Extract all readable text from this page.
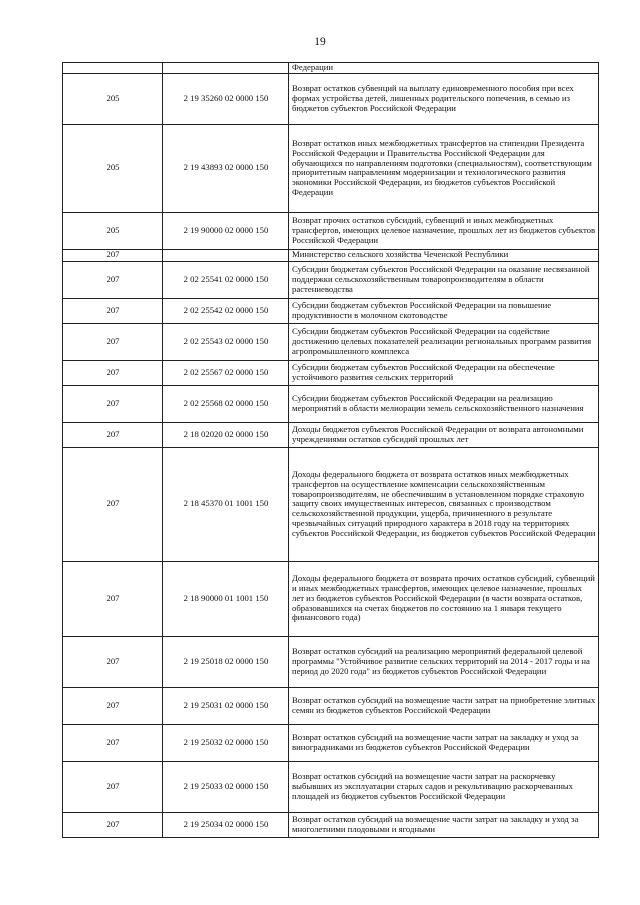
19
		Федерации
205	2 19 35260 02 0000 150	Возврат остатков субвенций на выплату единовременного пособия при всех формах устройства детей, лишенных родительского попечения, в семью из бюджетов субъектов Российской Федерации
205	2 19 43893 02 0000 150	Возврат остатков иных межбюджетных трансфертов на стипендии Президента Российской Федерации и Правительства Российской Федерации для обучающихся по направлениям подготовки (специальностям), соответствующим приоритетным направлениям модернизации и технологического развития экономики Российской Федерации, из бюджетов субъектов Российской Федерации
205	2 19 90000 02 0000 150	Возврат прочих остатков субсидий, субвенций и иных межбюджетных трансфертов, имеющих целевое назначение, прошлых лет из бюджетов субъектов Российской Федерации
207		Министерство сельского хозяйства Чеченской Республики
207	2 02 25541 02 0000 150	Субсидии бюджетам субъектов Российской Федерации на оказание несвязанной поддержки сельскохозяйственным товаропроизводителям в области растениеводства
207	2 02 25542 02 0000 150	Субсидии бюджетам субъектов Российской Федерации на повышение продуктивности в молочном скотоводстве
207	2 02 25543 02 0000 150	Субсидии бюджетам субъектов Российской Федерации на содействие достижению целевых показателей реализации региональных программ развития агропромышленного комплекса
207	2 02 25567 02 0000 150	Субсидии бюджетам субъектов Российской Федерации на обеспечение устойчивого развития сельских территорий
207	2 02 25568 02 0000 150	Субсидии бюджетам субъектов Российской Федерации на реализацию мероприятий в области мелиорации земель сельскохозяйственного назначения
207	2 18 02020 02 0000 150	Доходы бюджетов субъектов Российской Федерации от возврата автономными учреждениями остатков субсидий прошлых лет
207	2 18 45370 01 1001 150	Доходы федерального бюджета от возврата остатков иных межбюджетных трансфертов на осуществление компенсации сельскохозяйственным товаропроизводителям, не обеспечившим в установленном порядке страховую защиту своих имущественных интересов, связанных с производством сельскохозяйственной продукции, ущерба, причиненного в результате чрезвычайных ситуаций природного характера в 2018 году на территориях субъектов Российской Федерации, из бюджетов субъектов Российской Федерации
207	2 18 90000 01 1001 150	Доходы федерального бюджета от возврата прочих остатков субсидий, субвенций и иных межбюджетных трансфертов, имеющих целевое назначение, прошлых лет из бюджетов субъектов Российской Федерации (в части возврата остатков, образовавшихся на счетах бюджетов по состоянию на 1 января текущего финансового года)
207	2 19 25018 02 0000 150	Возврат остатков субсидий на реализацию мероприятий федеральной целевой программы "Устойчивое развитие сельских территорий на 2014 - 2017 годы и на период до 2020 года" из бюджетов субъектов Российской Федерации
207	2 19 25031 02 0000 150	Возврат остатков субсидий на возмещение части затрат на приобретение элитных семян из бюджетов субъектов Российской Федерации
207	2 19 25032 02 0000 150	Возврат остатков субсидий на возмещение части затрат на закладку и уход за виноградниками из бюджетов субъектов Российской Федерации
207	2 19 25033 02 0000 150	Возврат остатков субсидий на возмещение части затрат на раскорчевку выбывших из эксплуатации старых садов и рекультивацию раскорчеванных площадей из бюджетов субъектов Российской Федерации
207	2 19 25034 02 0000 150	Возврат остатков субсидий на возмещение части затрат на закладку и уход за многолетними плодовыми и ягодными
